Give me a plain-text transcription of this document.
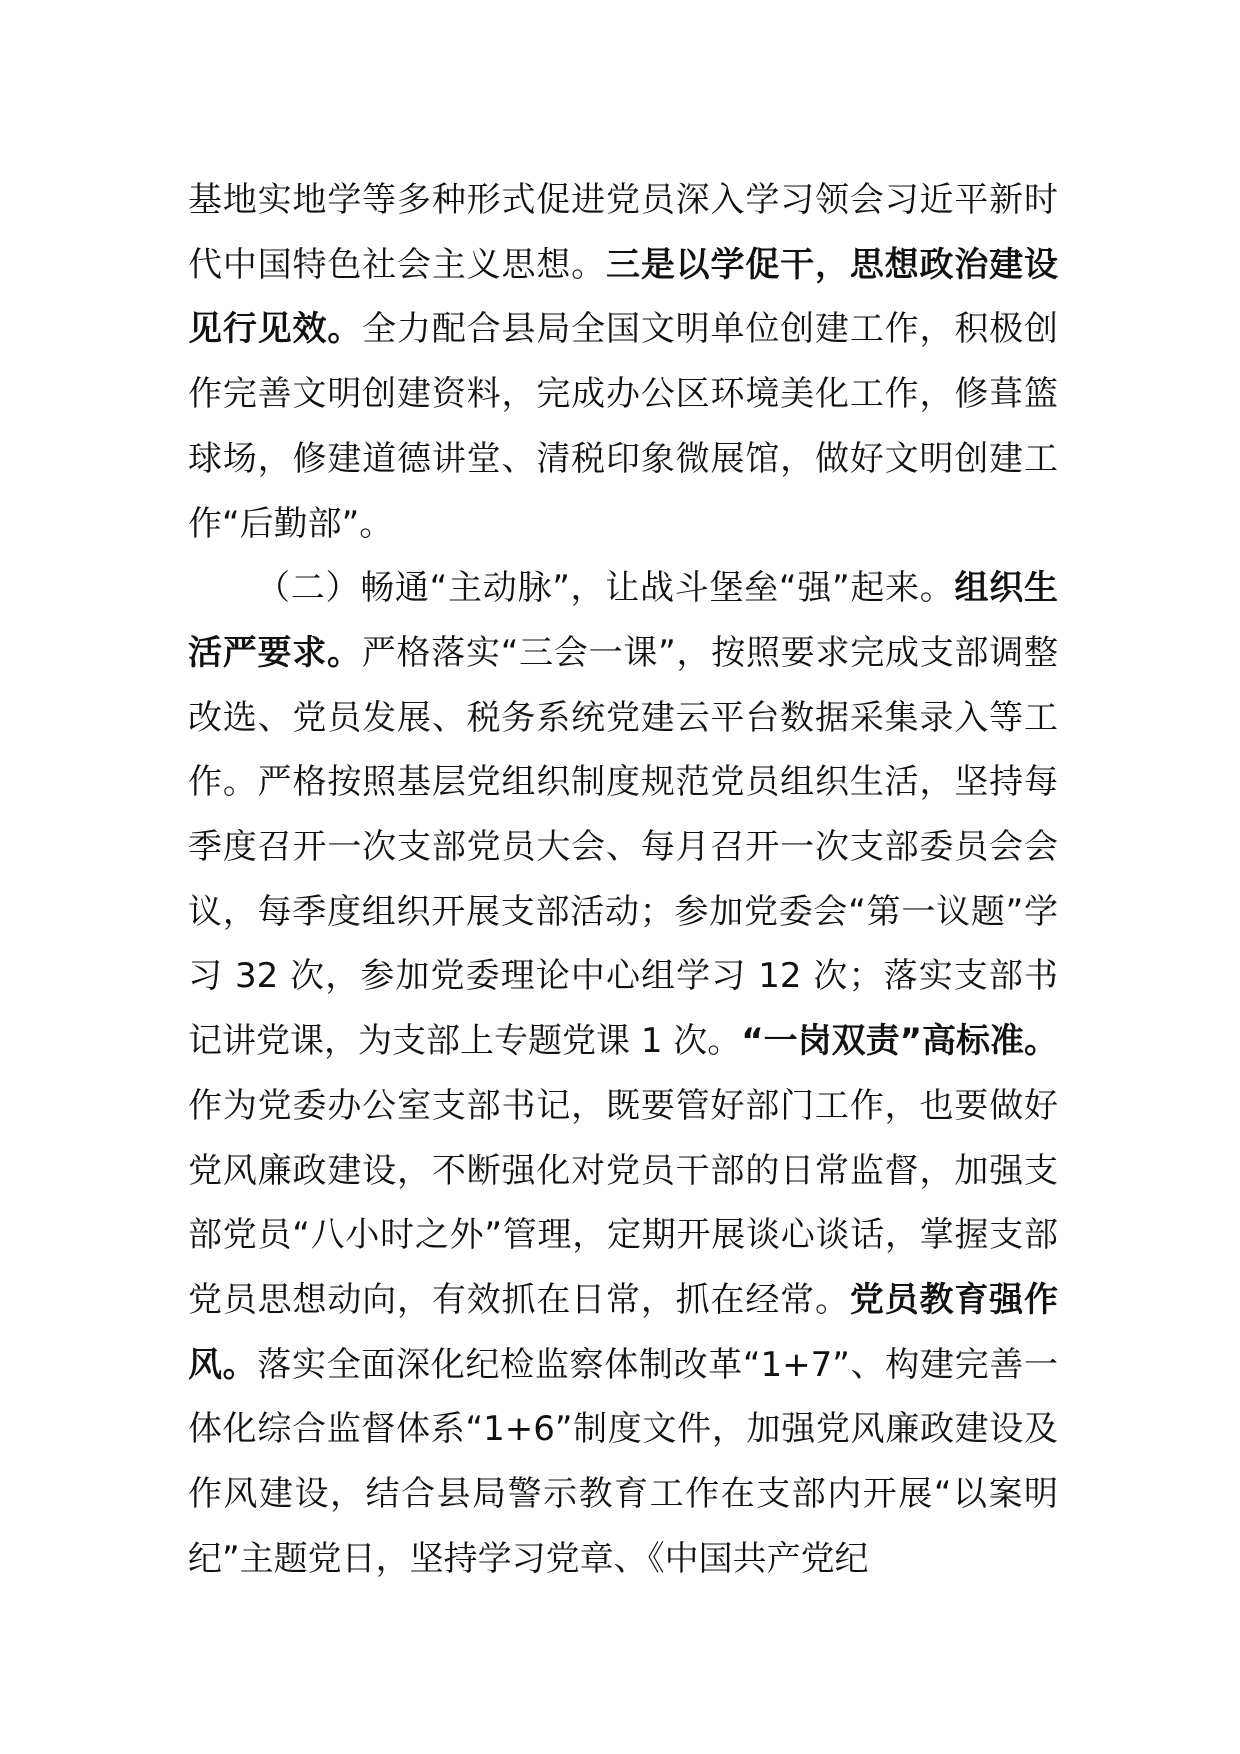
基地实地学等多种形式促进党员深入学习领会习近平新时代中国特色社会主义思想。三是以学促干，思想政治建设见行见效。全力配合县局全国文明单位创建工作，积极创作完善文明创建资料，完成办公区环境美化工作，修葺篮球场，修建道德讲堂、清税印象微展馆，做好文明创建工作“后勤部”。

（二）畅通“主动脉”，让战斗堡垒“强”起来。组织生活严要求。严格落实“三会一课”，按照要求完成支部调整改选、党员发展、税务系统党建云平台数据采集录入等工作。严格按照基层党组织制度规范党员组织生活，坚持每季度召开一次支部党员大会、每月召开一次支部委员会会议，每季度组织开展支部活动；参加党委会“第一议题”学习 32 次，参加党委理论中心组学习 12 次；落实支部书记讲党课，为支部上专题党课 1 次。“一岗双责”高标准。作为党委办公室支部书记，既要管好部门工作，也要做好党风廉政建设，不断强化对党员干部的日常监督，加强支部党员“八小时之外”管理，定期开展谈心谈话，掌握支部党员思想动向，有效抓在日常，抓在经常。党员教育强作风。落实全面深化纪检监察体制改革“1+7”、构建完善一体化综合监督体系“1+6”制度文件，加强党风廉政建设及作风建设，结合县局警示教育工作在支部内开展“以案明纪”主题党日，坚持学习党章、《中国共产党纪
